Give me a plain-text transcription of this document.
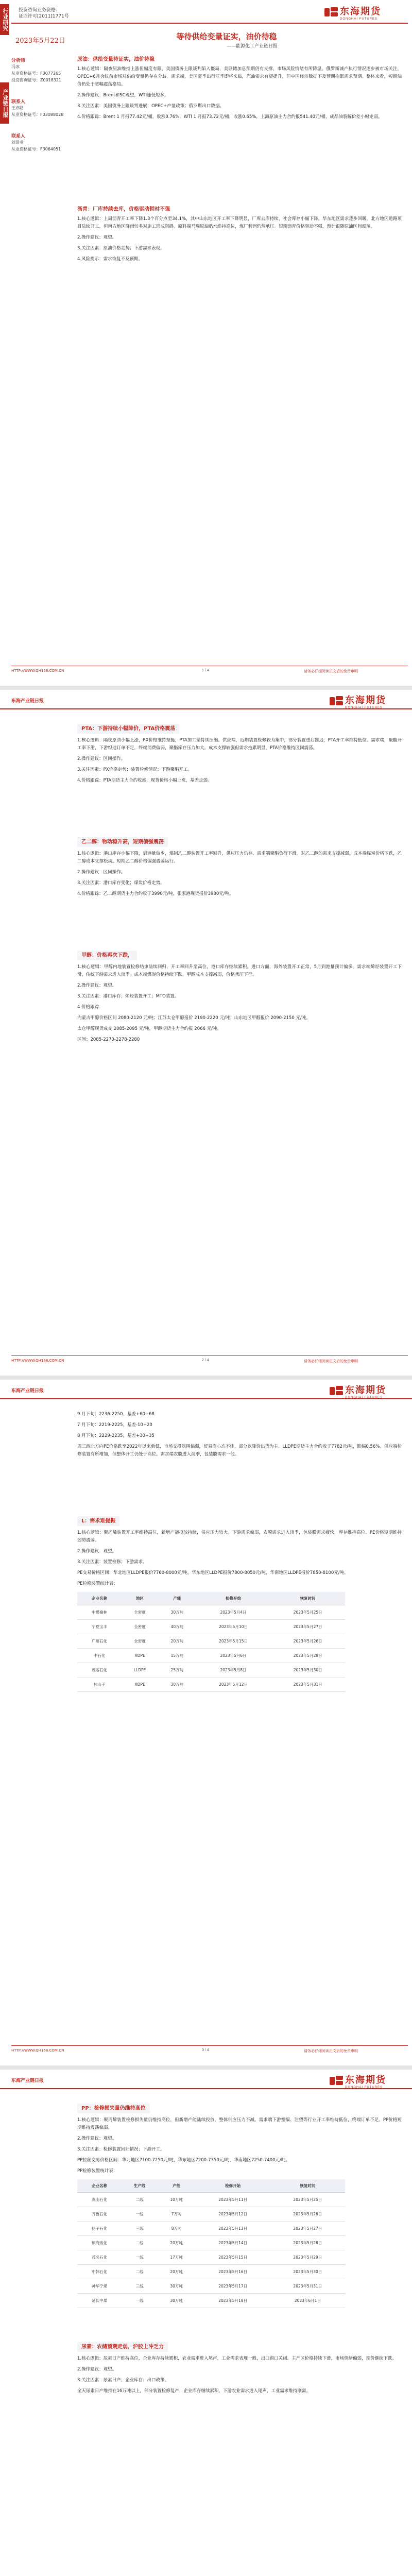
行业研究
产业链日报
投资咨询业务资格：
证监许可[2011]1771号	东海期货
DONGHAI FUTURES
2023年5月22日	等待供给变量证实，油价待稳
——能源化工产业链日报
分析师
冯冰
从业资格证号：F3077265
投资咨询证号：Z0018321
联系人
王亦路
从业资格证号：F03088028
联系人
刘景业
从业资格证号：F3064051
原油：供给变量待证实，油价待稳

1.核心逻辑：隔夜原油维持上涨但幅度有限，美国债务上限谈判陷入僵局，美联储加息预期仍有支撑，市场风险情绪有所降温。俄罗斯减产执行情况逐步被市场关注，OPEC+6月会议前市场对供给变量仍存在分歧。需求端，美国夏季出行旺季即将来临，汽油需求有望提升，但中国经济数据不及预期拖累需求预期。整体来看，短期油价仍处于宽幅震荡格局。

2.操作建议：Brent和SC观望，WTI逢低短多。

3.关注因素：美国债务上限谈判进展；OPEC+产量政策；俄罗斯出口数据。

4.价格跟踪：Brent 1 月报77.42元/桶，收涨0.76%，WTI 1 月报73.72元/桶，收涨0.65%，上海原油主力合约报541.40元/桶，成品油裂解价差小幅走弱。

沥青：厂库持续去库，价格驱动暂时不强

1.核心逻辑：上周沥青开工率下降1.3个百分点至34.1%，其中山东地区开工率下降明显，厂库去库持续，社会库存小幅下降。华东地区需求逐步回暖，北方地区道路项目陆续开工，但南方地区降雨较多对施工形成阻碍。原料端马瑞原油贴水维持高位，炼厂利润仍然承压。短期沥青价格驱动不强，预计跟随原油区间震荡。

2.操作建议：观望。

3.关注因素：原油价格走势；下游需求表现。

4.风险提示：需求恢复不及预期。

HTTP://WWW.QH168.COM.CN	1 / 4	请务必仔细阅读正文后的免责申明
东海产业链日报	东海期货
DONGHAI FUTURES
PTA：下游持续小幅降价，PTA价格震荡

1.核心逻辑：隔夜原油小幅上涨，PX价格维持坚挺，PTA加工差持续压缩。供应端，近期装置检修较为集中，部分装置重启推迟，PTA开工率维持低位。需求端，聚酯开工率下滑，下游织造订单不足，终端消费偏弱，聚酯库存压力加大。成本支撑较强但需求拖累明显，PTA价格维持区间震荡。

2.操作建议：区间操作。

3.关注因素：PX价格走势；装置检修情况；下游聚酯开工。

4.价格跟踪：PTA期货主力合约收涨，现货价格小幅上涨，基差走弱。

乙二醇：物动稳升高，短期偏强震荡

1.核心逻辑：港口库存小幅下降，到港量偏少，煤制乙二醇装置开工率回升，供应压力仍存。需求端聚酯负荷下滑，对乙二醇的需求支撑减弱。成本端煤炭价格下跌，乙二醇成本支撑松动。短期乙二醇价格偏强震荡运行。

2.操作建议：区间操作。

3.关注因素：港口库存变化；煤炭价格走势。

4.价格跟踪：乙二醇期货主力合约收于3990元/吨，张家港现货报价3980元/吨。

甲醇：价格再次下跌，

1.核心逻辑：甲醇内地装置检修结束陆续回归，开工率回升至高位，港口库存继续累积。进口方面，海外装置开工正常，5月到港量预计偏多。需求端烯烃装置开工下滑，传统下游需求进入淡季。成本端煤炭价格持续下跌，甲醇成本支撑减弱，价格承压下行。

2.操作建议：观望。

3.关注因素：港口库存；烯烃装置开工；MTO装置。

4.价格跟踪：

内蒙古甲醇价格区间 2080-2120 元/吨；江苏太仓甲醇报价 2190-2220 元/吨；山东地区甲醇报价 2090-2150 元/吨。

太仓甲醇现货成交 2085-2095 元/吨，甲醇期货主力合约报 2066 元/吨。

区间：2085-2270-2278-2280

HTTP://WWW.QH168.COM.CN	2 / 4	请务必仔细阅读正文后的免责申明
东海产业链日报	东海期货
DONGHAI FUTURES

9 月下旬：2236-2250，基差+60+68

7 月下旬：2219-2225，基差-10+20

8 月下旬：2229-2235，基差+30+35

周三西北方向PE价格跌至2022年以来新低，市场交投氛围偏弱，贸易商心态不佳，部分以降价出货为主。LLDPE期货主力合约收于7782元/吨，跌幅0.56%。供应端检修装置有所增加，但整体开工仍处于高位。需求端农膜进入淡季，包装膜需求一般。

L：需求难提振

1.核心逻辑：聚乙烯装置开工率维持高位，新增产能投放持续，供应压力较大。下游需求偏弱，农膜需求进入淡季，包装膜需求疲软，库存维持高位。PE价格短期维持弱势震荡。

2.操作建议：观望。

3.关注因素：装置检修；下游需求。

PE交易价格区间：华北地区LLDPE报价7760-8000元/吨，华东地区LLDPE报价7800-8050元/吨，华南地区LLDPE报价7850-8100元/吨。

PE检修装置统计表：

企业名称	地区	产能	检修开始	恢复时间
中煤榆林	全密度	30万吨	2023年5月4日	2023年5月25日
宁夏宝丰	全密度	40万吨	2023年5月10日	2023年5月27日
广州石化	全密度	20万吨	2023年5月15日	2023年5月26日
中石化	HDPE	15万吨	2023年5月6日	2023年5月28日
茂名石化	LLDPE	25万吨	2023年5月8日	2023年5月30日
独山子	HDPE	30万吨	2023年5月12日	2023年5月31日
HTTP://WWW.QH168.COM.CN	3 / 4	请务必仔细阅读正文后的免责申明
东海产业链日报	东海期货
DONGHAI FUTURES
PP：检修损失量仍维持高位

1.核心逻辑：聚丙烯装置检修损失量仍维持高位，但新增产能陆续投放，整体供应压力不减。需求端下游塑编、注塑等行业开工率维持低位，终端订单不足。PP价格短期维持震荡偏弱。

2.操作建议：观望。

3.关注因素：检修装置回归情况；下游开工。

PP拉丝交易价格区间：华北地区7100-7250元/吨，华东地区7200-7350元/吨，华南地区7250-7400元/吨。

PP检修装置统计表：

企业名称	生产线	产能	检修开始	恢复时间
燕山石化	二线	10万吨	2023年5月11日	2023年5月25日
齐鲁石化	一线	7万吨	2023年5月12日	2023年5月26日
扬子石化	三线	8万吨	2023年5月13日	2023年5月27日
镇海炼化	二线	20万吨	2023年5月14日	2023年5月28日
茂名石化	一线	17万吨	2023年5月15日	2023年5月29日
中韩石化	二线	20万吨	2023年5月16日	2023年5月30日
神华宁煤	三线	30万吨	2023年5月17日	2023年5月31日
延长中煤	一线	30万吨	2023年5月18日	2023年6月1日
尿素：农储预期走弱，沪胶上冲乏力

1.核心逻辑：尿素日产维持高位，企业库存持续累积，农业需求进入尾声，工业需求表现一般，出口窗口关闭。主产区价格持续下滑，市场情绪偏弱，期价继续下跌。

2.操作建议：观望。

3.关注因素：尿素日产；企业库存；出口政策。

全天尿素日产维持在16万吨以上，部分装置检修复产，企业库存继续累积，下游农业需求进入尾声，工业需求维持刚需。
